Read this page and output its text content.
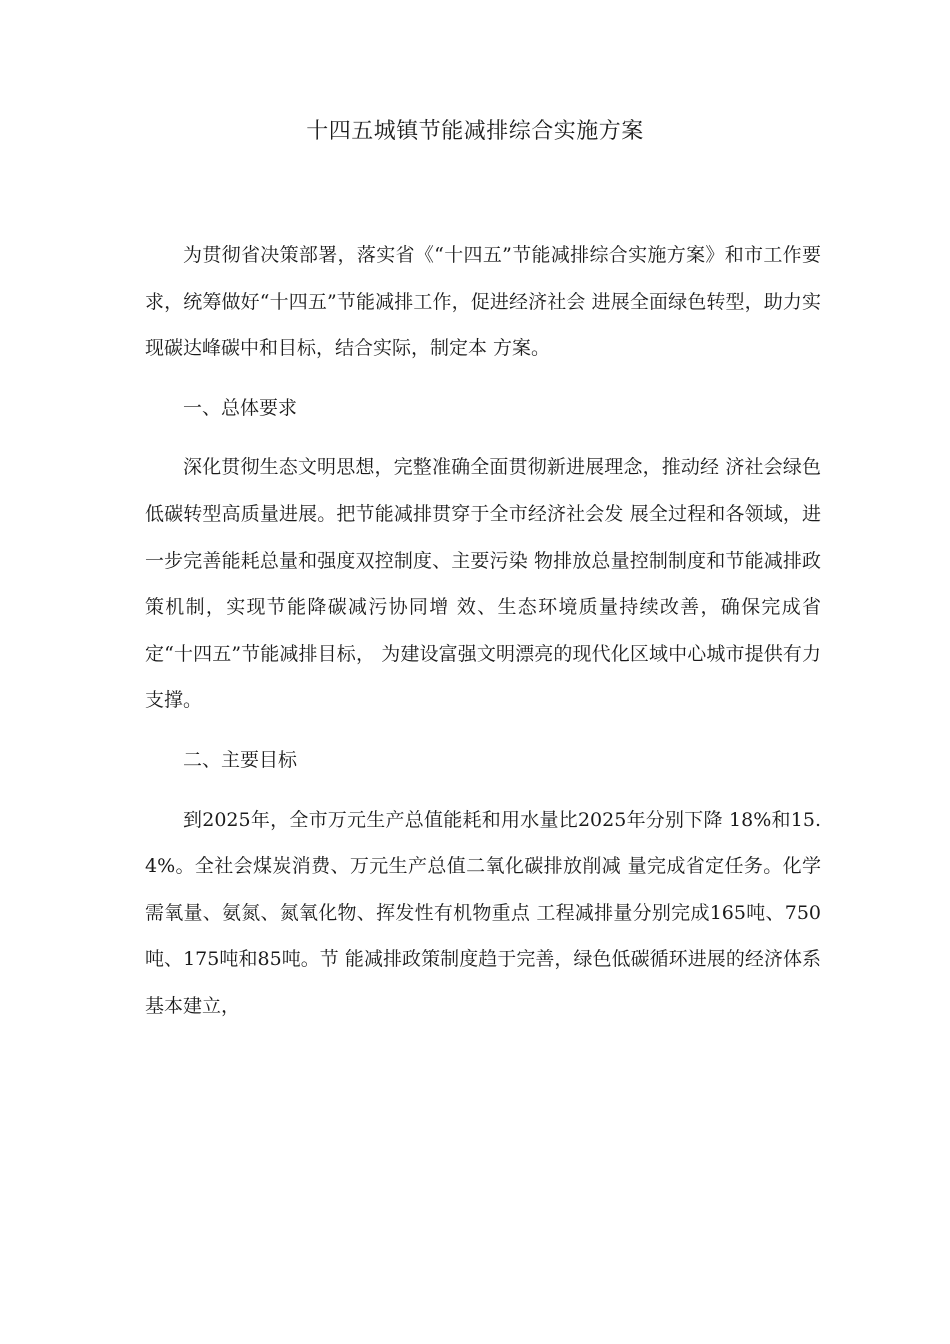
十四五城镇节能减排综合实施方案

为贯彻省决策部署，落实省《“十四五”节能减排综合实施方案》和市工作要求，统筹做好“十四五”节能减排工作，促进经济社会 进展全面绿色转型，助力实现碳达峰碳中和目标，结合实际，制定本 方案。

一、总体要求

深化贯彻生态文明思想，完整准确全面贯彻新进展理念，推动经 济社会绿色低碳转型高质量进展。把节能减排贯穿于全市经济社会发 展全过程和各领域，进一步完善能耗总量和强度双控制度、主要污染 物排放总量控制制度和节能减排政策机制，实现节能降碳减污协同增 效、生态环境质量持续改善，确保完成省定“十四五”节能减排目标， 为建设富强文明漂亮的现代化区域中心城市提供有力支撑。

二、主要目标

到2025年，全市万元生产总值能耗和用水量比2025年分别下降 18%和15.4%。全社会煤炭消费、万元生产总值二氧化碳排放削减 量完成省定任务。化学需氧量、氨氮、氮氧化物、挥发性有机物重点 工程减排量分别完成165吨、750吨、175吨和85吨。节 能减排政策制度趋于完善，绿色低碳循环进展的经济体系基本建立，
